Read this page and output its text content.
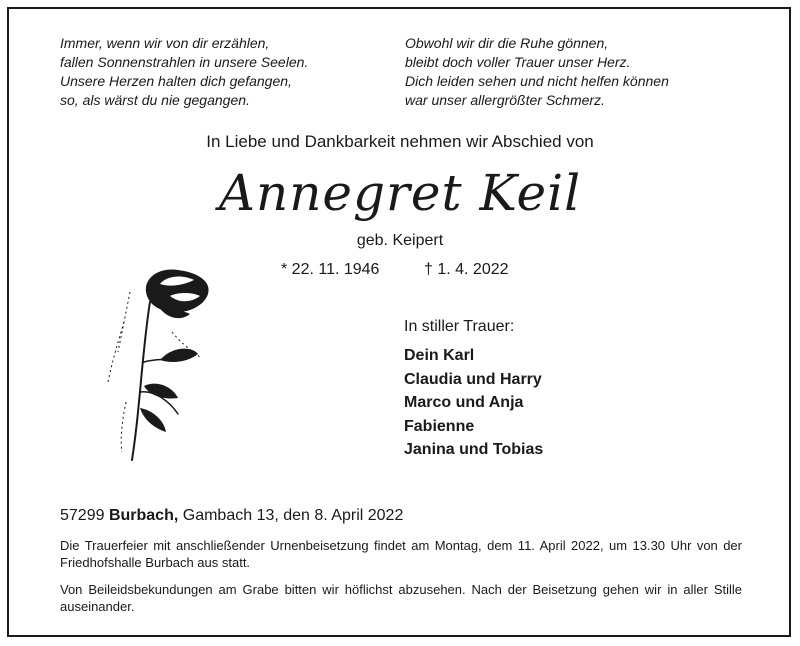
Immer, wenn wir von dir erzählen,
fallen Sonnenstrahlen in unsere Seelen.
Unsere Herzen halten dich gefangen,
so, als wärst du nie gegangen.
Obwohl wir dir die Ruhe gönnen,
bleibt doch voller Trauer unser Herz.
Dich leiden sehen und nicht helfen können
war unser allergrößter Schmerz.
In Liebe und Dankbarkeit nehmen wir Abschied von
Annegret Keil
geb. Keipert
* 22. 11. 1946	† 1. 4. 2022
In stiller Trauer:
Dein Karl
Claudia und Harry
Marco und Anja
Fabienne
Janina und Tobias
57299 Burbach, Gambach 13, den 8. April 2022
Die Trauerfeier mit anschließender Urnenbeisetzung findet am Montag, dem 11. April 2022, um 13.30 Uhr von der Friedhofshalle Burbach aus statt.
Von Beileidsbekundungen am Grabe bitten wir höflichst abzusehen. Nach der Beisetzung gehen wir in aller Stille auseinander.
